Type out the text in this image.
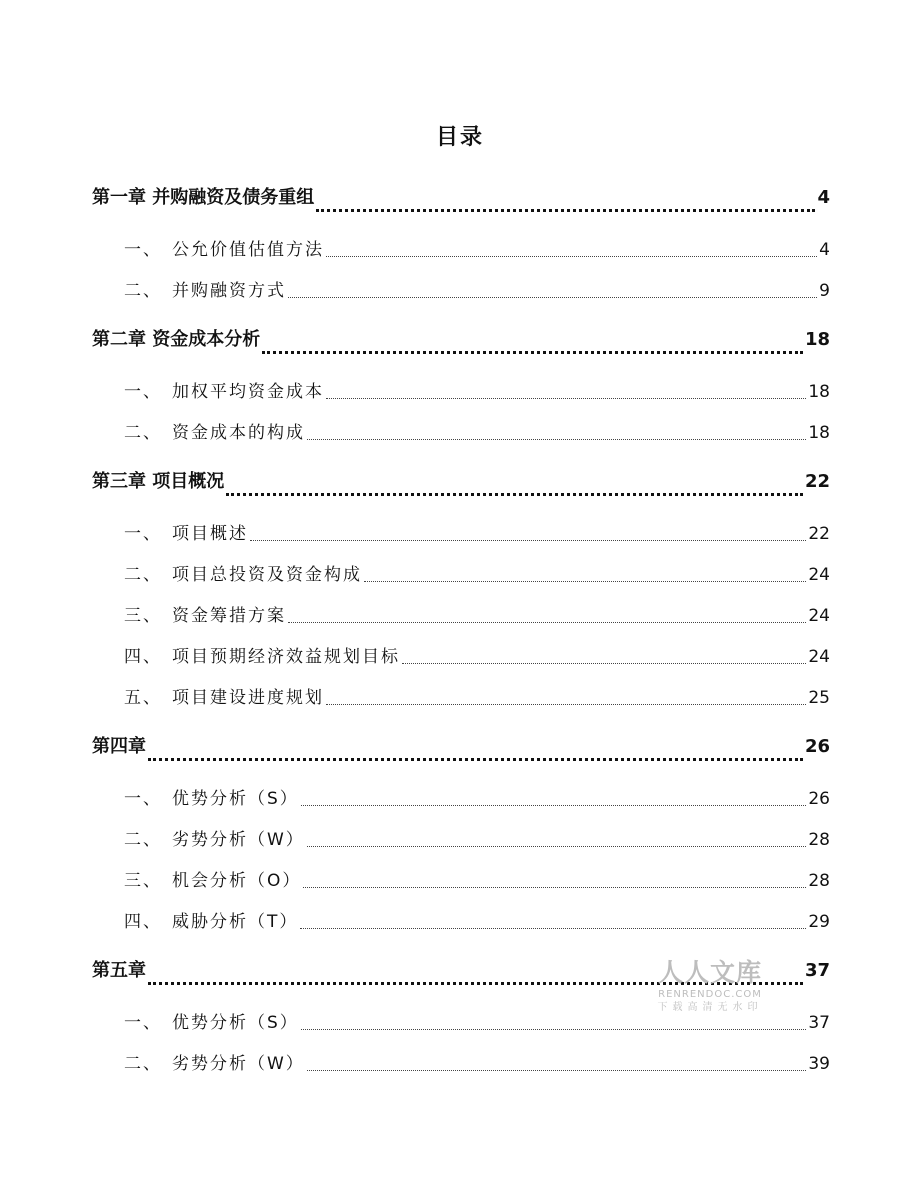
目录
第一章 并购融资及债务重组	4
一、 公允价值估值方法	4
二、 并购融资方式	9
第二章 资金成本分析	18
一、 加权平均资金成本	18
二、 资金成本的构成	18
第三章 项目概况	22
一、 项目概述	22
二、 项目总投资及资金构成	24
三、 资金筹措方案	24
四、 项目预期经济效益规划目标	24
五、 项目建设进度规划	25
第四章	26
一、 优势分析（S）	26
二、 劣势分析（W）	28
三、 机会分析（O）	28
四、 威胁分析（T）	29
第五章	37
一、 优势分析（S）	37
二、 劣势分析（W）	39
人人文库
RENRENDOC.COM
下载高清无水印
